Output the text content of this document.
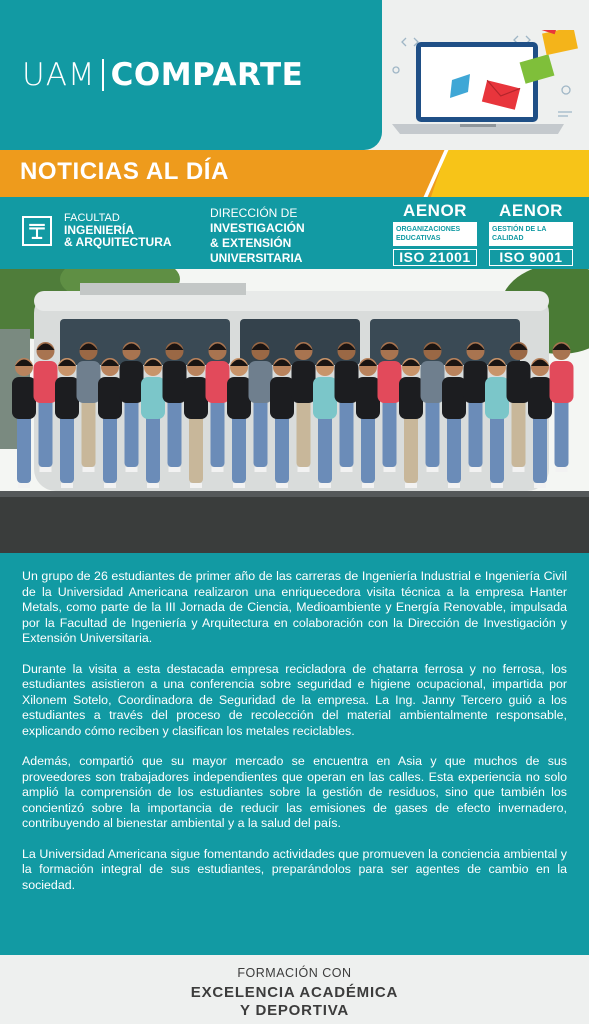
UAM COMPARTE
NOTICIAS AL DÍA
FACULTAD
INGENIERÍA
& ARQUITECTURA
DIRECCIÓN DE
INVESTIGACIÓN
& EXTENSIÓN
UNIVERSITARIA
AENOR
ORGANIZACIONES EDUCATIVAS
ISO 21001
AENOR
GESTIÓN DE LA CALIDAD
ISO 9001

Un grupo de 26 estudiantes de primer año de las carreras de Ingeniería Industrial e Ingeniería Civil de la Universidad Americana realizaron una enriquecedora visita técnica a la empresa Hanter Metals, como parte de la III Jornada de Ciencia, Medioambiente y Energía Renovable, impulsada por la Facultad de Ingeniería y Arquitectura en colaboración con la Dirección de Investigación y Extensión Universitaria.

Durante la visita a esta destacada empresa recicladora de chatarra ferrosa y no ferrosa, los estudiantes asistieron a una conferencia sobre seguridad e higiene ocupacional, impartida por Xilonem Sotelo, Coordinadora de Seguridad de la empresa. La Ing. Janny Tercero guió a los estudiantes a través del proceso de recolección del material ambientalmente responsable, explicando cómo reciben y clasifican los metales reciclables.

Además, compartió que su mayor mercado se encuentra en Asia y que muchos de sus proveedores son trabajadores independientes que operan en las calles. Esta experiencia no solo amplió la comprensión de los estudiantes sobre la gestión de residuos, sino que también los concientizó sobre la importancia de reducir las emisiones de gases de efecto invernadero, contribuyendo al bienestar ambiental y a la salud del país.

La Universidad Americana sigue fomentando actividades que promueven la conciencia ambiental y la formación integral de sus estudiantes, preparándolos para ser agentes de cambio en la sociedad.

FORMACIÓN CON
EXCELENCIA ACADÉMICA
Y DEPORTIVA
